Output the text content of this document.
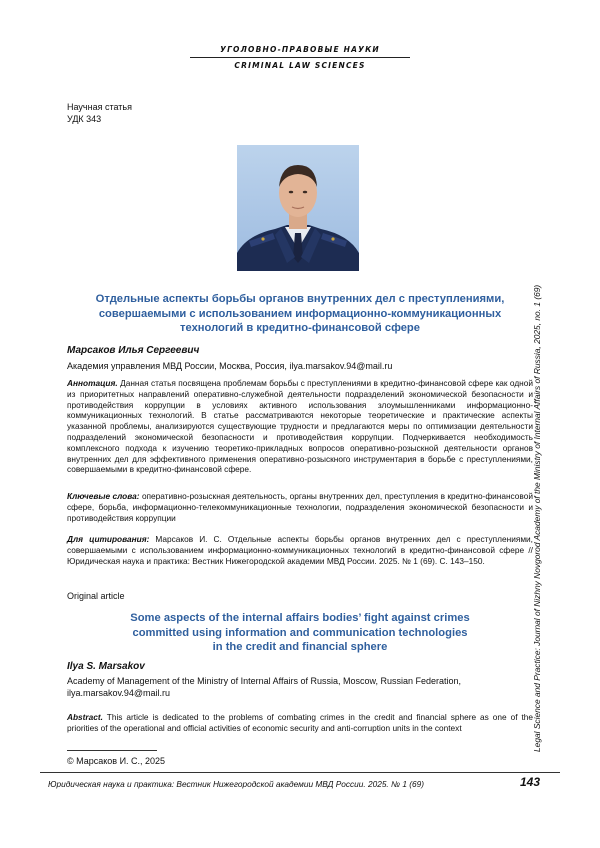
УГОЛОВНО-ПРАВОВЫЕ НАУКИ
CRIMINAL LAW SCIENCES
Научная статья
УДК 343
Отдельные аспекты борьбы органов внутренних дел с преступлениями,
совершаемыми с использованием информационно-коммуникационных
технологий в кредитно-финансовой сфере
Марсаков Илья Сергеевич
Академия управления МВД России, Москва, Россия, ilya.marsakov.94@mail.ru
Аннотация. Данная статья посвящена проблемам борьбы с преступлениями в кредитно-финансовой сфере как одной из приоритетных направлений оперативно-служебной деятельности подразделений экономической безопасности и противодействия коррупции в условиях активного использования злоумышленниками информационно-коммуникационных технологий. В статье рассматриваются некоторые теоретические и практические аспекты указанной проблемы, анализируются существующие трудности и предлагаются меры по оптимизации деятельности подразделений экономической безопасности и противодействия коррупции. Подчеркивается необходимость комплексного подхода к изучению теоретико-прикладных вопросов оперативно-розыскной деятельности органов внутренних дел для эффективного применения оперативно-розыскного инструментария в борьбе с преступлениями, совершаемыми в кредитно-финансовой сфере.
Ключевые слова: оперативно-розыскная деятельность, органы внутренних дел, преступления в кредитно-финансовой сфере, борьба, информационно-телекоммуникационные технологии, подразделения экономической безопасности и противодействия коррупции
Для цитирования: Марсаков И. С. Отдельные аспекты борьбы органов внутренних дел с преступлениями, совершаемыми с использованием информационно-коммуникационных технологий в кредитно-финансовой сфере // Юридическая наука и практика: Вестник Нижегородской академии МВД России. 2025. № 1 (69). С. 143–150.
Original article
Some aspects of the internal affairs bodies’ fight against crimes
committed using information and communication technologies
in the credit and financial sphere
Ilya S. Marsakov
Academy of Management of the Ministry of Internal Affairs of Russia, Moscow, Russian Federation, ilya.marsakov.94@mail.ru
Abstract. This article is dedicated to the problems of combating crimes in the credit and financial sphere as one of the priorities of the operational and official activities of economic security and anti-corruption units in the context
© Марсаков И. С., 2025
Юридическая наука и практика: Вестник Нижегородской академии МВД России. 2025. № 1 (69)	143
Legal Science and Practice: Journal of Nizhny Novgorod Academy of the Ministry of Internal Affairs of Russia, 2025, no. 1 (69)
